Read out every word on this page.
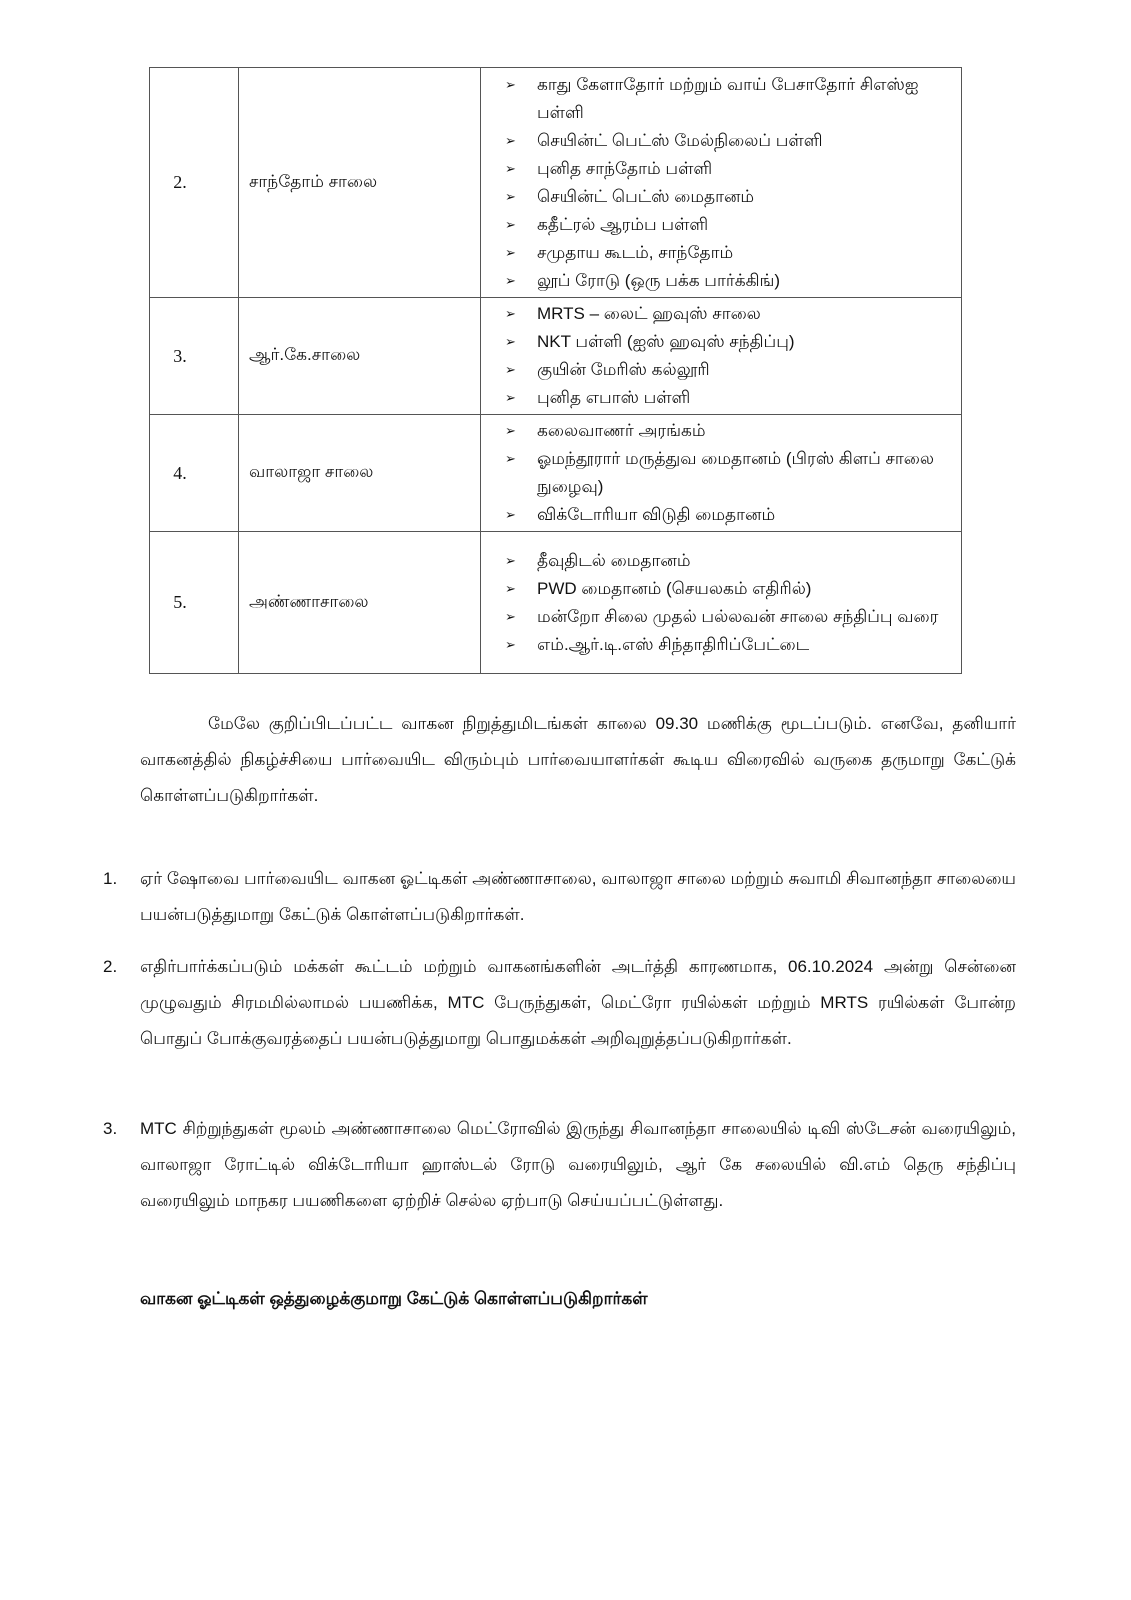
2.	சாந்தோம் சாலை	
➢ காது கேளாதோர் மற்றும் வாய் பேசாதோர் சிஎஸ்ஐ பள்ளி
➢ செயின்ட் பெட்ஸ் மேல்நிலைப் பள்ளி
➢ புனித சாந்தோம் பள்ளி
➢ செயின்ட் பெட்ஸ் மைதானம்
➢ கதீட்ரல் ஆரம்ப பள்ளி
➢ சமுதாய கூடம், சாந்தோம்
➢ லூப் ரோடு (ஒரு பக்க பார்க்கிங்)

3.	ஆர்.கே.சாலை	
➢ MRTS – லைட் ஹவுஸ் சாலை
➢ NKT பள்ளி (ஐஸ் ஹவுஸ் சந்திப்பு)
➢ குயின் மேரிஸ் கல்லூரி
➢ புனித எபாஸ் பள்ளி

4.	வாலாஜா சாலை	
➢ கலைவாணர் அரங்கம்
➢ ஓமந்தூரார் மருத்துவ மைதானம் (பிரஸ் கிளப் சாலை நுழைவு)
➢ விக்டோரியா விடுதி மைதானம்

5.	அண்ணாசாலை	
➢ தீவுதிடல் மைதானம்
➢ PWD மைதானம் (செயலகம் எதிரில்)
➢ மன்றோ சிலை முதல் பல்லவன் சாலை சந்திப்பு வரை
➢ எம்.ஆர்.டி.எஸ் சிந்தாதிரிப்பேட்டை

மேலே குறிப்பிடப்பட்ட வாகன நிறுத்துமிடங்கள் காலை 09.30 மணிக்கு மூடப்படும். எனவே, தனியார் வாகனத்தில் நிகழ்ச்சியை பார்வையிட விரும்பும் பார்வையாளர்கள் கூடிய விரைவில் வருகை தருமாறு கேட்டுக் கொள்ளப்படுகிறார்கள்.

1.	ஏர் ஷோவை பார்வையிட வாகன ஓட்டிகள் அண்ணாசாலை, வாலாஜா சாலை மற்றும் சுவாமி சிவானந்தா சாலையை பயன்படுத்துமாறு கேட்டுக் கொள்ளப்படுகிறார்கள்.
2.	எதிர்பார்க்கப்படும் மக்கள் கூட்டம் மற்றும் வாகனங்களின் அடர்த்தி காரணமாக, 06.10.2024 அன்று சென்னை முழுவதும் சிரமமில்லாமல் பயணிக்க, MTC பேருந்துகள், மெட்ரோ ரயில்கள் மற்றும் MRTS ரயில்கள் போன்ற பொதுப் போக்குவரத்தைப் பயன்படுத்துமாறு பொதுமக்கள் அறிவுறுத்தப்படுகிறார்கள்.
3.	MTC சிற்றுந்துகள் மூலம் அண்ணாசாலை மெட்ரோவில் இருந்து சிவானந்தா சாலையில் டிவி ஸ்டேசன் வரையிலும், வாலாஜா ரோட்டில் விக்டோரியா ஹாஸ்டல் ரோடு வரையிலும், ஆர் கே சலையில் வி.எம் தெரு சந்திப்பு வரையிலும் மாநகர பயணிகளை ஏற்றிச் செல்ல ஏற்பாடு செய்யப்பட்டுள்ளது.
வாகன ஓட்டிகள் ஒத்துழைக்குமாறு கேட்டுக் கொள்ளப்படுகிறார்கள்
